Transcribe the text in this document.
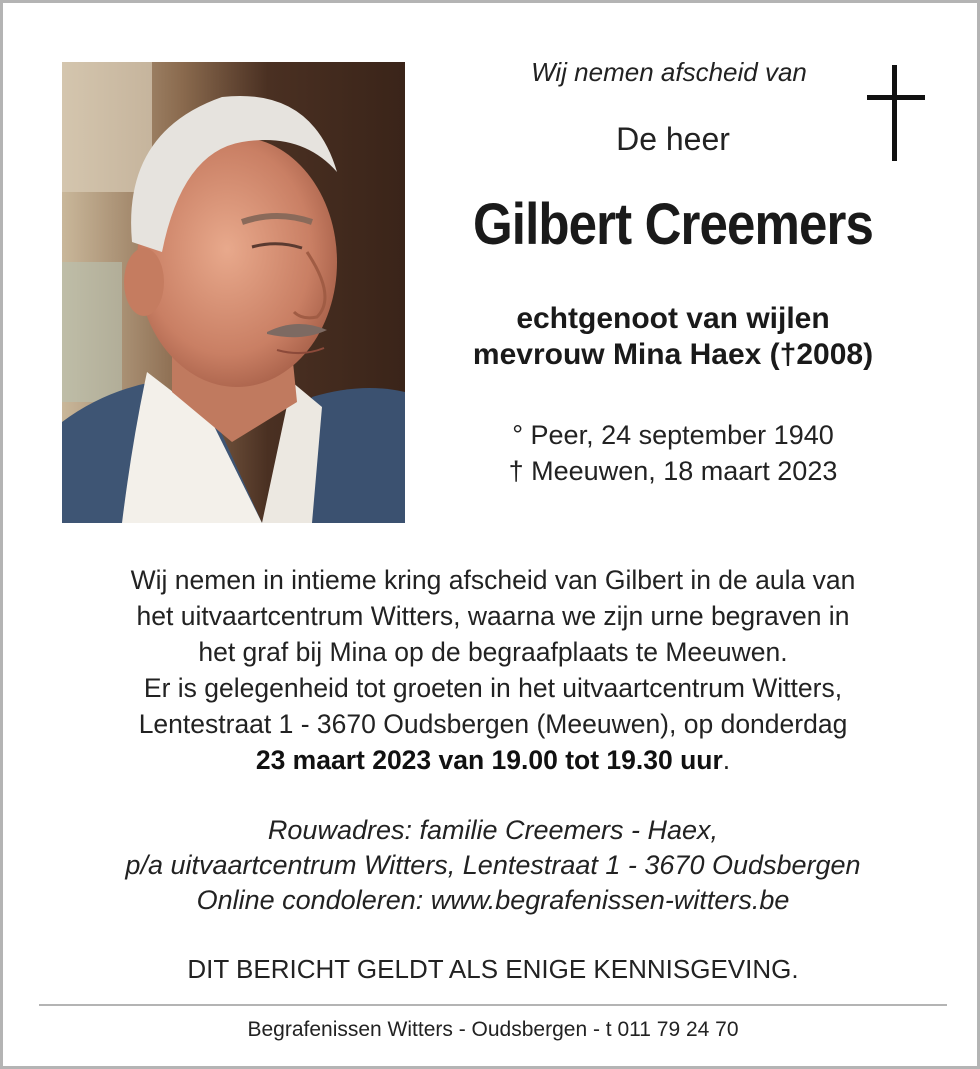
Wij nemen afscheid van
De heer
Gilbert Creemers
echtgenoot van wijlen
mevrouw Mina Haex (†2008)
° Peer, 24 september 1940
† Meeuwen, 18 maart 2023
Wij nemen in intieme kring afscheid van Gilbert in de aula van
het uitvaartcentrum Witters, waarna we zijn urne begraven in
het graf bij Mina op de begraafplaats te Meeuwen.
Er is gelegenheid tot groeten in het uitvaartcentrum Witters,
Lentestraat 1 - 3670 Oudsbergen (Meeuwen), op donderdag
23 maart 2023 van 19.00 tot 19.30 uur.
Rouwadres: familie Creemers - Haex,
p/a uitvaartcentrum Witters, Lentestraat 1 - 3670 Oudsbergen
Online condoleren: www.begrafenissen-witters.be
DIT BERICHT GELDT ALS ENIGE KENNISGEVING.
Begrafenissen Witters - Oudsbergen - t 011 79 24 70
